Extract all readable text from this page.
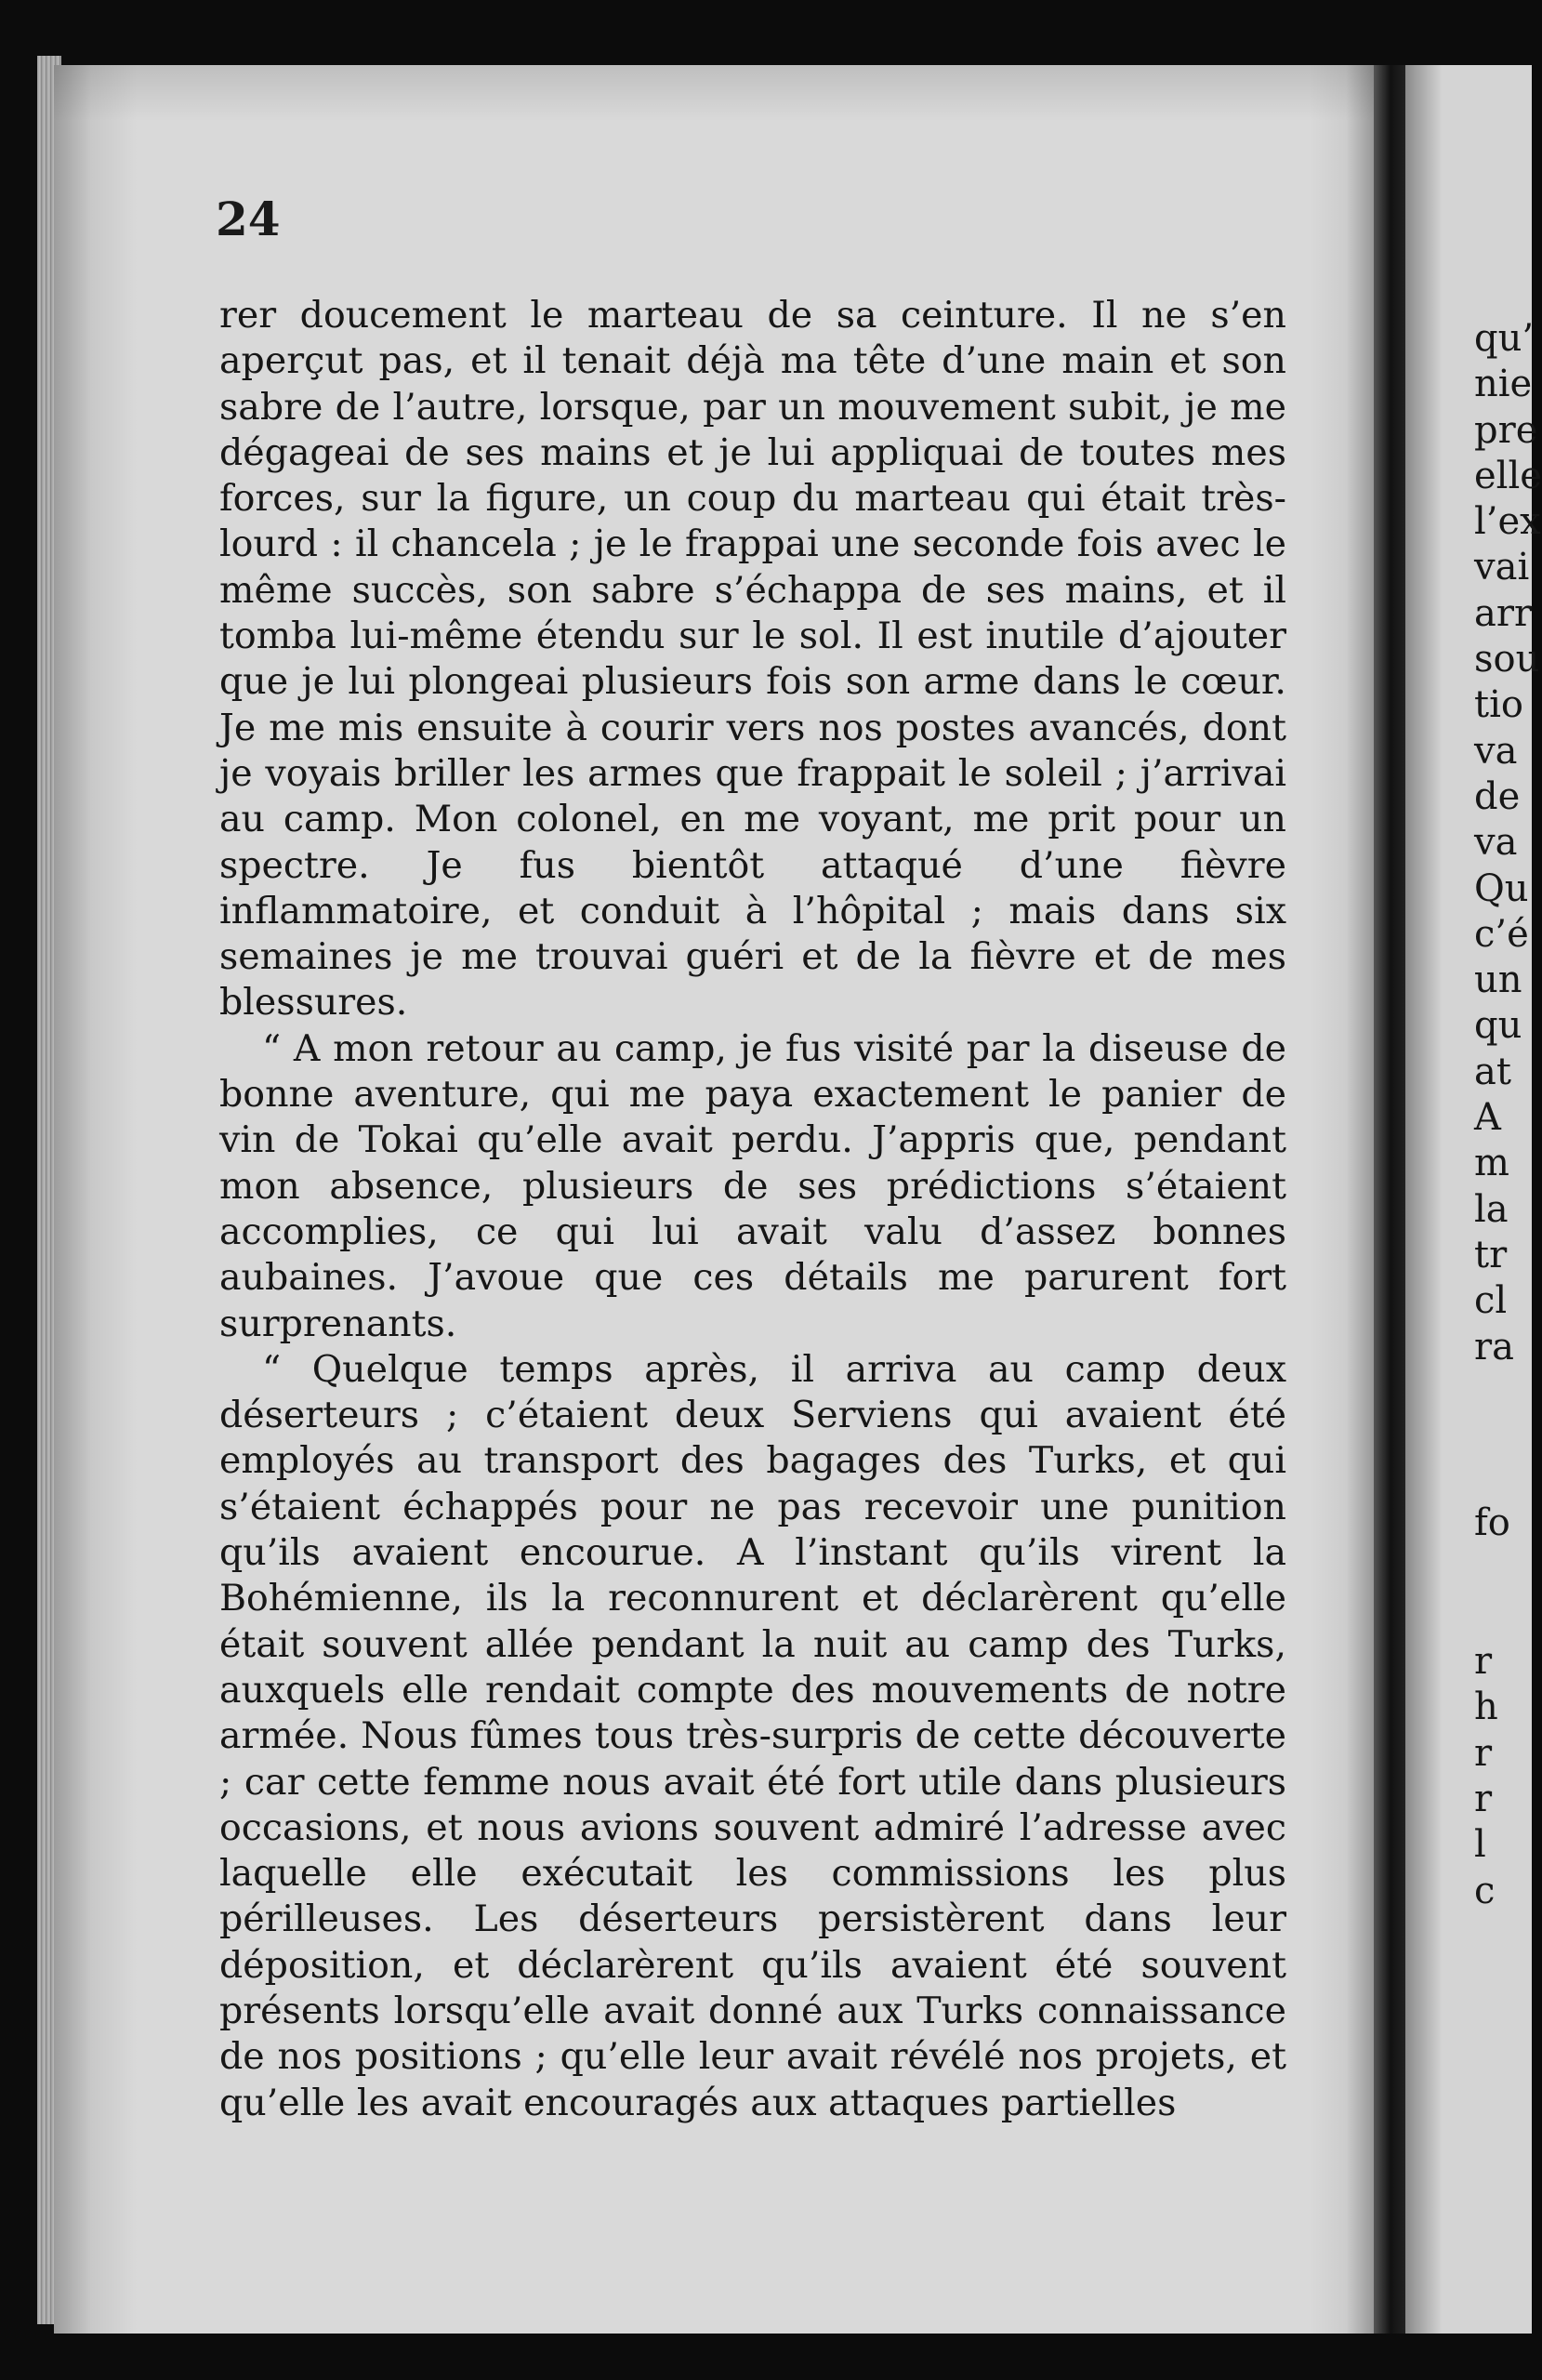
24

rer doucement le marteau de sa ceinture. Il ne s’en aperçut pas, et il tenait déjà ma tête d’une main et son sabre de l’autre, lorsque, par un mouvement subit, je me dégageai de ses mains et je lui appliquai de toutes mes forces, sur la figure, un coup du marteau qui était très-lourd : il chancela ; je le frappai une seconde fois avec le même succès, son sabre s’échappa de ses mains, et il tomba lui-même étendu sur le sol. Il est inutile d’ajouter que je lui plongeai plusieurs fois son arme dans le cœur. Je me mis ensuite à courir vers nos postes avancés, dont je voyais briller les armes que frappait le soleil ; j’arrivai au camp. Mon colonel, en me voyant, me prit pour un spectre. Je fus bientôt attaqué d’une fièvre inflammatoire, et conduit à l’hôpital ; mais dans six semaines je me trouvai guéri et de la fièvre et de mes blessures.

“ A mon retour au camp, je fus visité par la diseuse de bonne aventure, qui me paya exactement le panier de vin de Tokai qu’elle avait perdu. J’appris que, pendant mon absence, plusieurs de ses prédictions s’étaient accomplies, ce qui lui avait valu d’assez bonnes aubaines. J’avoue que ces détails me parurent fort surprenants.

“ Quelque temps après, il arriva au camp deux déserteurs ; c’étaient deux Serviens qui avaient été employés au transport des bagages des Turks, et qui s’étaient échappés pour ne pas recevoir une punition qu’ils avaient encourue. A l’instant qu’ils virent la Bohémienne, ils la reconnurent et déclarèrent qu’elle était souvent allée pendant la nuit au camp des Turks, auxquels elle rendait compte des mouvements de notre armée. Nous fûmes tous très-surpris de cette découverte ; car cette femme nous avait été fort utile dans plusieurs occasions, et nous avions souvent admiré l’adresse avec laquelle elle exécutait les commissions les plus périlleuses. Les déserteurs persistèrent dans leur déposition, et déclarèrent qu’ils avaient été souvent présents lorsqu’elle avait donné aux Turks connaissance de nos positions ; qu’elle leur avait révélé nos projets, et qu’elle les avait encouragés aux attaques partielles

qu’
nie
pre
elle
l’ex
vai
arr
sou
tio
va
de
va
Qu
c’é
un
qu
at
A
m
la
tr
cl
ra
fo
r
h
r
r
l
c
